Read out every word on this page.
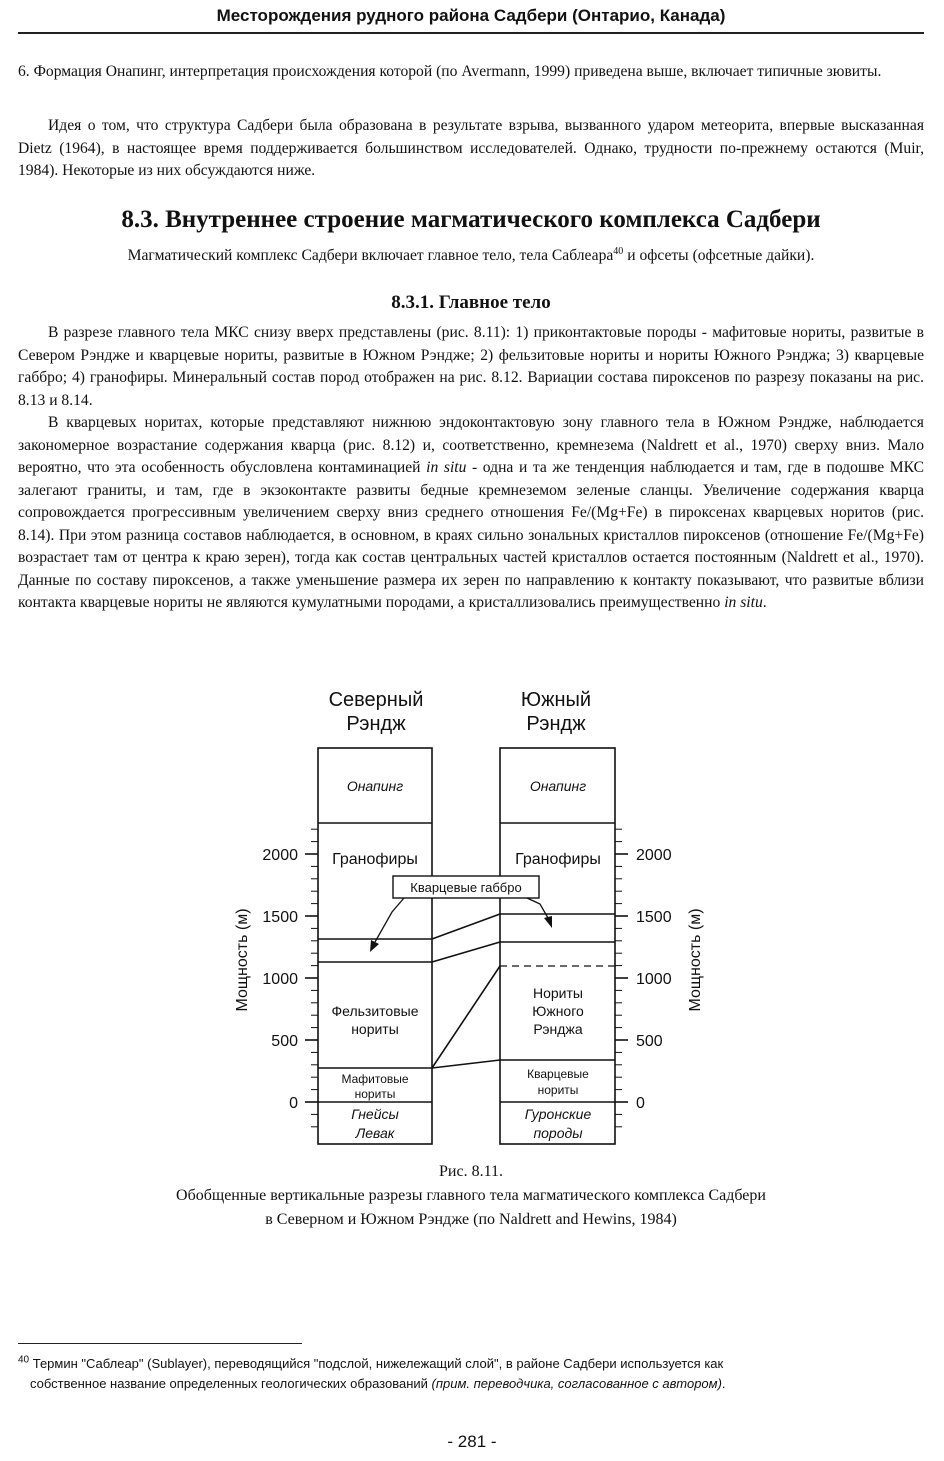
Месторождения рудного района Садбери (Онтарио, Канада)

6. Формация Онапинг, интерпретация происхождения которой (по Avermann, 1999) приведена выше, включает типичные зювиты.

Идея о том, что структура Садбери была образована в результате взрыва, вызванного ударом метеорита, впервые высказанная Dietz (1964), в настоящее время поддерживается большинством исследователей. Однако, трудности по-прежнему остаются (Muir, 1984). Некоторые из них обсуждаются ниже.

8.3. Внутреннее строение магматического комплекса Садбери

Магматический комплекс Садбери включает главное тело, тела Саблеара$^{40}$ и офсеты (офсетные дайки).

8.3.1. Главное тело

В разрезе главного тела МКС снизу вверх представлены (рис. 8.11): 1) приконтактовые породы - мафитовые нориты, развитые в Севером Рэндже и кварцевые нориты, развитые в Южном Рэндже; 2) фельзитовые нориты и нориты Южного Рэнджа; 3) кварцевые габбро; 4) гранофиры. Минеральный состав пород отображен на рис. 8.12. Вариации состава пироксенов по разрезу показаны на рис. 8.13 и 8.14.

В кварцевых норитах, которые представляют нижнюю эндоконтактовую зону главного тела в Южном Рэндже, наблюдается закономерное возрастание содержания кварца (рис. 8.12) и, соответственно, кремнезема (Naldrett et al., 1970) сверху вниз. Мало вероятно, что эта особенность обусловлена контаминацией in situ - одна и та же тенденция наблюдается и там, где в подошве МКС залегают граниты, и там, где в экзоконтакте развиты бедные кремнеземом зеленые сланцы. Увеличение содержания кварца сопровождается прогрессивным увеличением сверху вниз среднего отношения Fe/(Mg+Fe) в пироксенах кварцевых норитов (рис. 8.14). При этом разница составов наблюдается, в основном, в краях сильно зональных кристаллов пироксенов (отношение Fe/(Mg+Fe) возрастает там от центра к краю зерен), тогда как состав центральных частей кристаллов остается постоянным (Naldrett et al., 1970). Данные по составу пироксенов, а также уменьшение размера их зерен по направлению к контакту показывают, что развитые вблизи контакта кварцевые нориты не являются кумулатными породами, а кристаллизовались преимущественно in situ.

Северный
Рэндж
Южный
Рэндж
0
500
1000
1500
2000
0
500
1000
1500
2000
Мощность (м)	Мощность (м)
Онапинг
Гранофиры
Фельзитовые
нориты
Мафитовые
нориты
Гнейсы
Левак
Онапинг
Гранофиры
Нориты
Южного
Рэнджа
Кварцевые
нориты
Гуронские
породы
Кварцевые габбро
Рис. 8.11.
Обобщенные вертикальные разрезы главного тела магматического комплекса Садбери
в Северном и Южном Рэндже (по Naldrett and Hewins, 1984)
$^{40}$ Термин "Саблеар" (Sublayer), переводящийся "подслой, нижележащий слой", в районе Садбери используется как
собственное название определенных геологических образований (прим. переводчика, согласованное с автором).
- 281 -
